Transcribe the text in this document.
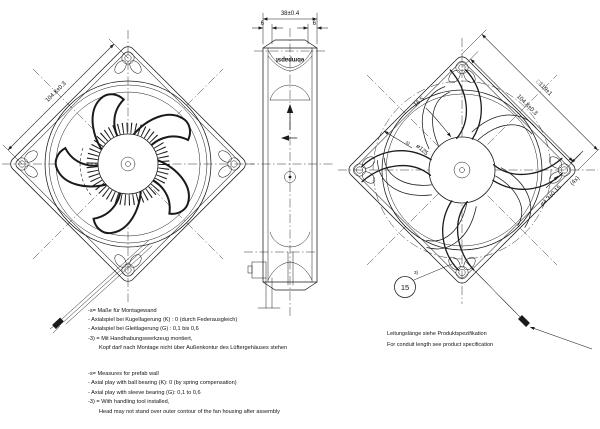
104.8±0.3
ebmpapst
38±0.4
6	6
□119±1
104.8±0.3
s)
ø125
16.5
ø4.3±0.15
(4x)
15
3)
Leitungslänge siehe Produktspezifikation
For conduit length see product specification
-s= Maße für Montagewand
- Axialspiel bei Kugellagerung (K) : 0 (durch Federausgleich)
- Axialspiel bei Gleitlagerung (G) : 0,1 bis 0,6
-3) = Mit Handhabungswerkzeug montiert,
Kopf darf nach Montage nicht über Außenkontur des Lüftergehäuses stehen
-s= Measures for prefab wall
- Axial play with ball bearing (K): 0 (by spring compensation)
- Axial play with sleeve bearing (G): 0,1 to 0,6
-3) = With handling tool installed,
Head may not stand over outer contour of the fan housing after assembly
